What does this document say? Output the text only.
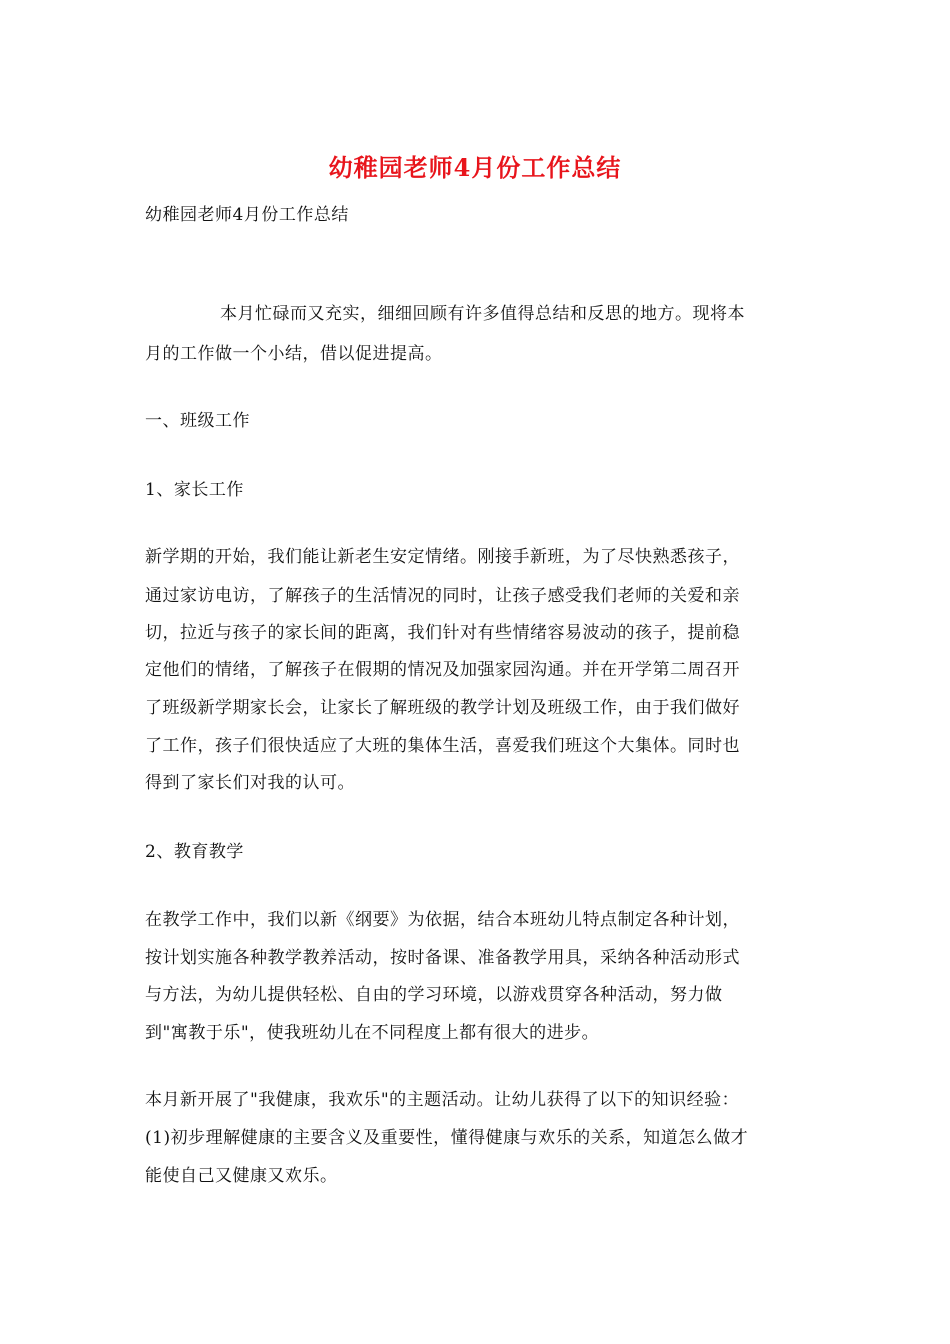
幼稚园老师4月份工作总结
幼稚园老师4月份工作总结
本月忙碌而又充实，细细回顾有许多值得总结和反思的地方。现将本
月的工作做一个小结，借以促进提高。
一、班级工作
1、家长工作
新学期的开始，我们能让新老生安定情绪。刚接手新班，为了尽快熟悉孩子，
通过家访电访，了解孩子的生活情况的同时，让孩子感受我们老师的关爱和亲
切，拉近与孩子的家长间的距离，我们针对有些情绪容易波动的孩子，提前稳
定他们的情绪，了解孩子在假期的情况及加强家园沟通。并在开学第二周召开
了班级新学期家长会，让家长了解班级的教学计划及班级工作，由于我们做好
了工作，孩子们很快适应了大班的集体生活，喜爱我们班这个大集体。同时也
得到了家长们对我的认可。
2、教育教学
在教学工作中，我们以新《纲要》为依据，结合本班幼儿特点制定各种计划，
按计划实施各种教学教养活动，按时备课、准备教学用具，采纳各种活动形式
与方法，为幼儿提供轻松、自由的学习环境，以游戏贯穿各种活动，努力做
到"寓教于乐"，使我班幼儿在不同程度上都有很大的进步。
本月新开展了"我健康，我欢乐"的主题活动。让幼儿获得了以下的知识经验：
(1)初步理解健康的主要含义及重要性，懂得健康与欢乐的关系，知道怎么做才
能使自己又健康又欢乐。
